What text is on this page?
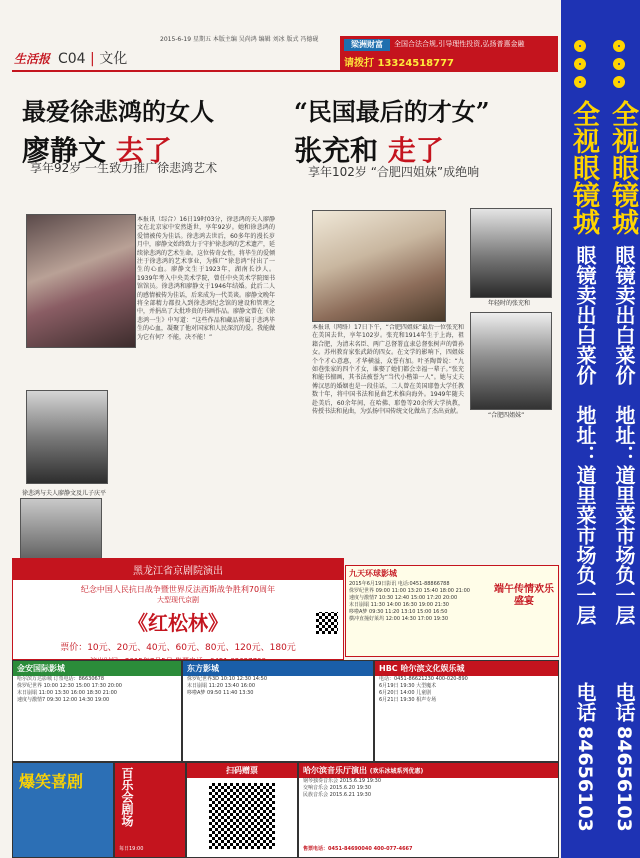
2015-6-19 星期五 本版主编 吴尚鸿 编辑 刘冰 版式 冯德砚
生活报 C04 | 文化
梁洲财富	全国合法合规,引导理性投资,弘扬普惠金融
请拨打 13324518777
全视眼镜城 全视眼镜城
眼镜卖出白菜价 眼镜卖出白菜价
地址：道里菜市场负一层 地址：道里菜市场负一层
电话 电话
84656103 84656103
最爱徐悲鸿的女人
廖静文 去了
享年92岁 一生致力推广徐悲鸿艺术
徐悲鸿与夫人廖静文及儿子庆平
本报讯（综合）16日19时03分，徐悲鸿的夫人廖静文在北京家中安然逝世，享年92岁。她和徐悲鸿的爱情被传为佳话。徐悲鸿去世后，60多年的漫长岁月中，廖静文始终致力于守护徐悲鸿的艺术遗产，延续徐悲鸿的艺术生命。这位传奇女性，将毕生的爱倾注于徐悲鸿的艺术事业，为推广“徐悲鸿”付出了一生的心血。廖静文生于1923年，湖南长沙人。1939年考入中央美术学院，曾任中央美术学院图书馆馆员。徐悲鸿和廖静文于1946年结婚。此后二人的感情被传为佳话，后来成为一代美谈。廖静文晚年将全部精力都投入到徐悲鸿纪念馆的建设和管理之中，并捐出了大批珍贵的书画作品。廖静文曾在《徐悲鸿一生》中写道：“这些作品和藏品将属于悲鸿毕生的心血，凝聚了他对国家和人民深沉的爱。我能做为它有何？不能，决不能！”
“民国最后的才女”
张充和 走了
享年102岁 “合肥四姐妹”成绝响
年轻时的张充和
“合肥四姐妹”
本报讯（网络）17日下午，“合肥四姐妹”最后一位张充和在美国去世，享年102岁。张充和1914年生于上海，祖籍合肥，为清末名臣、两广总督署直隶总督张树声的曾孙女。苏州教育家张武龄的四女。在文学的影响下，四姐妹个个才心意惠，才华横溢，众誉有加。叶圣陶曾说：“九如巷张家的四个才女，谁娶了她们都会幸福一辈子。”张充和能书擅画，其书法被誉为“当代小楷第一人”。她与丈夫傅汉思的婚姻也是一段佳话，二人曾在美国耶鲁大学任教数十年，将中国书法和昆曲艺术推向海外。1949年随夫赴美后，60余年间，在哈佛、耶鲁等20余所大学执教，传授书法和昆曲，为弘扬中国传统文化做出了杰出贡献。
黑龙江省京剧院演出
纪念中国人民抗日战争暨世界反法西斯战争胜利70周年
大型现代京剧
《红松林》
票价：10元、20元、40元、60元、80元、120元、180元
九天环球影城
2015年6月19日影讯 电话:0451-88866788
侏罗纪世界 09:00 11:00 13:20 15:40 18:00 21:00
速度与激情7 10:30 12:40 15:00 17:20 20:00
末日崩塌 11:30 14:00 16:30 19:00 21:30
哆啦A梦 09:30 11:20 13:10 15:00 16:50
横冲直撞好莱坞 12:00 14:30 17:00 19:30
端午传情欢乐盛宴
金安国际影城
哈尔滨万达影城 订票电话：86630678
侏罗纪世界 10:00 12:30 15:00 17:30 20:00
末日崩塌 11:00 13:30 16:00 18:30 21:00
速度与激情7 09:30 12:00 14:30 19:00
东方影城
侏罗纪世界3D 10:10 12:30 14:50
末日崩塌 11:20 13:40 16:00
哆啦A梦 09:50 11:40 13:30
HBC 哈尔滨文化娱乐城
电话：0451-86621230 400-020-890
6月19日 19:30 大型魔术
6月20日 14:00 儿童剧
6月21日 19:30 相声专场
爆笑喜剧	百乐会剧场
每日19:00
扫码赠票	哈尔滨音乐厅演出 (欢乐冰城系列优惠)
钢琴独奏音乐会 2015.6.19 19:30
交响音乐会 2015.6.20 19:30
民族音乐会 2015.6.21 19:30
售票电话：0451-84690040 400-077-4667
